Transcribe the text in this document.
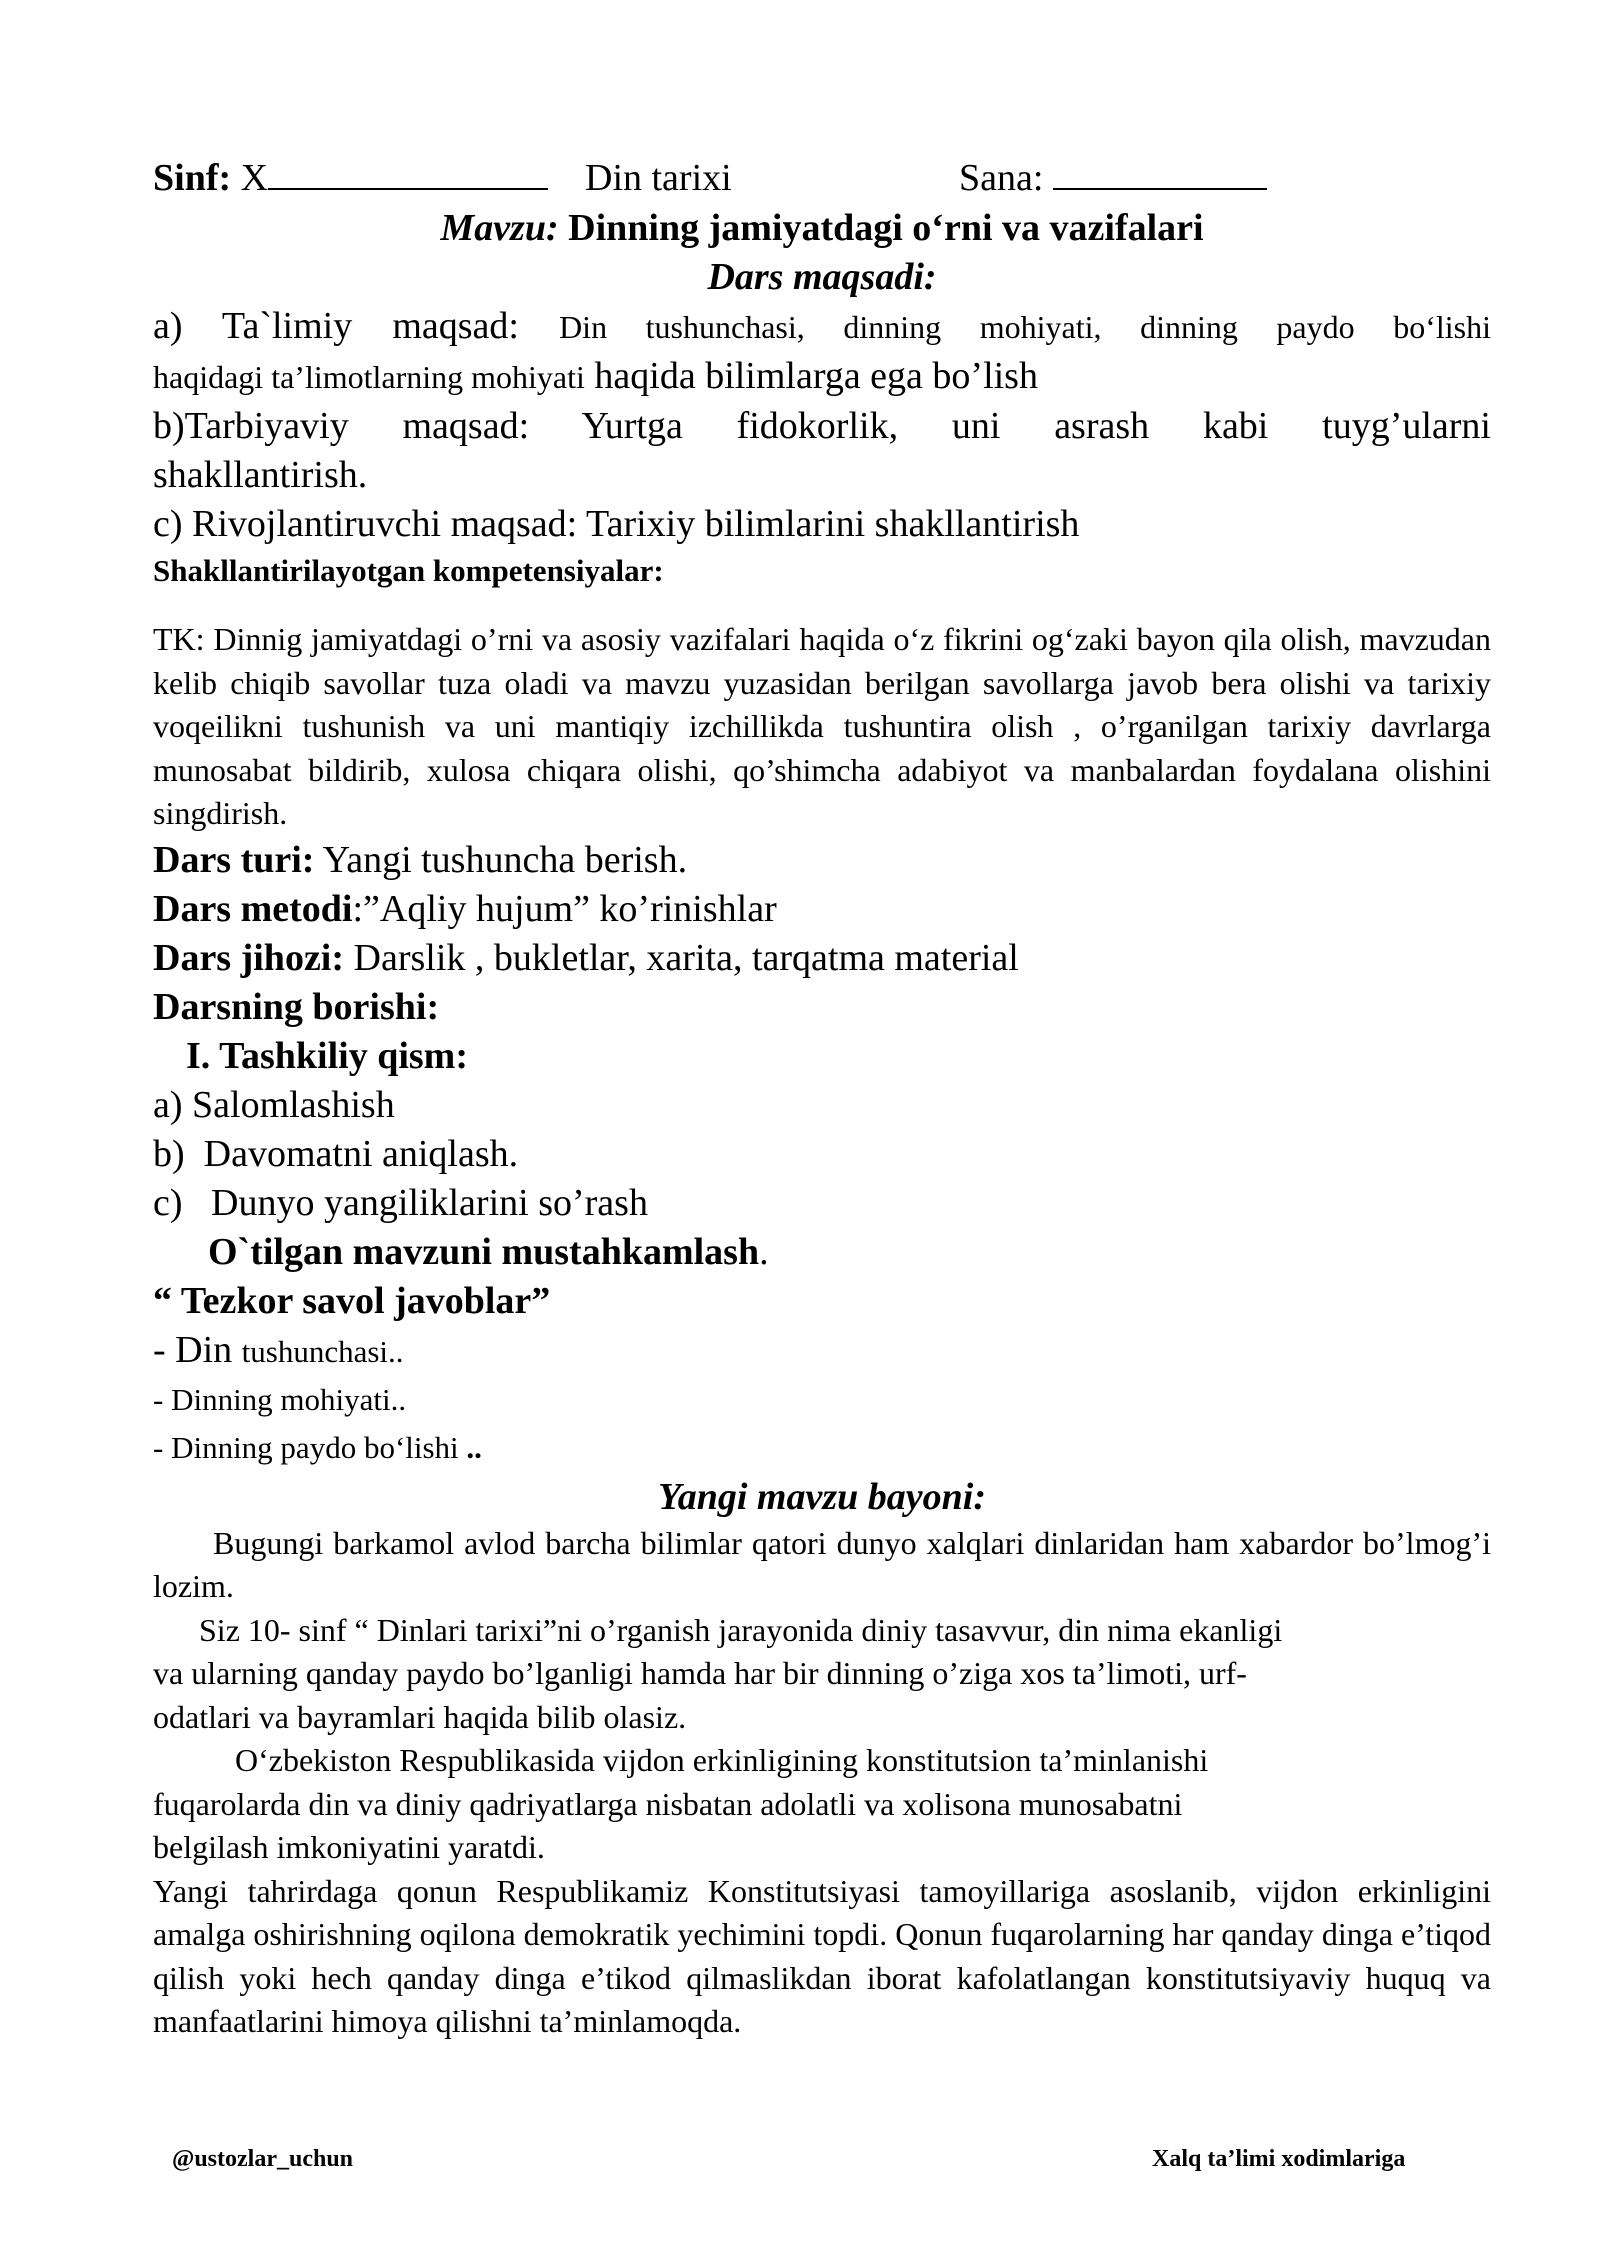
Sinf: X	Din tarixi	Sana:
Mavzu: Dinning jamiyatdagi o‘rni va vazifalari
Dars maqsadi:
a) Ta`limiy maqsad: Din tushunchasi, dinning mohiyati, dinning paydo bo‘lishi
haqidagi ta’limotlarning mohiyati haqida bilimlarga ega bo’lish
b)Tarbiyaviy maqsad: Yurtga fidokorlik, uni asrash kabi tuyg’ularni
shakllantirish.
c) Rivojlantiruvchi maqsad: Tarixiy bilimlarini shakllantirish
Shakllantirilayotgan kompetensiyalar:
TK: Dinnig jamiyatdagi o’rni va asosiy vazifalari haqida o‘z fikrini og‘zaki bayon qila olish, mavzudan kelib chiqib savollar tuza oladi va mavzu yuzasidan berilgan savollarga javob bera olishi va tarixiy voqeilikni tushunish va uni mantiqiy izchillikda tushuntira olish , o’rganilgan tarixiy davrlarga munosabat bildirib, xulosa chiqara olishi, qo’shimcha adabiyot va manbalardan foydalana olishini singdirish.
Dars turi: Yangi tushuncha berish.
Dars metodi:”Aqliy hujum” ko’rinishlar
Dars jihozi: Darslik , bukletlar, xarita, tarqatma material
Darsning borishi:
I. Tashkiliy qism:
a) Salomlashish
b)  Davomatni aniqlash.
c)   Dunyo yangiliklarini so’rash
O`tilgan mavzuni mustahkamlash.
“ Tezkor savol javoblar”
- Din tushunchasi..
- Dinning mohiyati..
- Dinning paydo bo‘lishi ..
Yangi mavzu bayoni:
Bugungi barkamol avlod barcha bilimlar qatori dunyo xalqlari dinlaridan ham xabardor bo’lmog’i lozim.
Siz 10- sinf “ Dinlari tarixi”ni o’rganish jarayonida diniy tasavvur, din nima ekanligi
va ularning qanday paydo bo’lganligi hamda har bir dinning o’ziga xos ta’limoti, urf-
odatlari va bayramlari haqida bilib olasiz.
O‘zbekiston Respublikasida vijdon erkinligining konstitutsion ta’minlanishi
fuqarolarda din va diniy qadriyatlarga nisbatan adolatli va xolisona munosabatni
belgilash imkoniyatini yaratdi.
Yangi tahrirdaga qonun Respublikamiz Konstitutsiyasi tamoyillariga asoslanib, vijdon erkinligini amalga oshirishning oqilona demokratik yechimini topdi. Qonun fuqarolarning har qanday dinga e’tiqod qilish yoki hech qanday dinga e’tikod qilmaslikdan iborat kafolatlangan konstitutsiyaviy huquq va manfaatlarini himoya qilishni ta’minlamoqda.
@ustozlar_uchun	Xalq ta’limi xodimlariga
